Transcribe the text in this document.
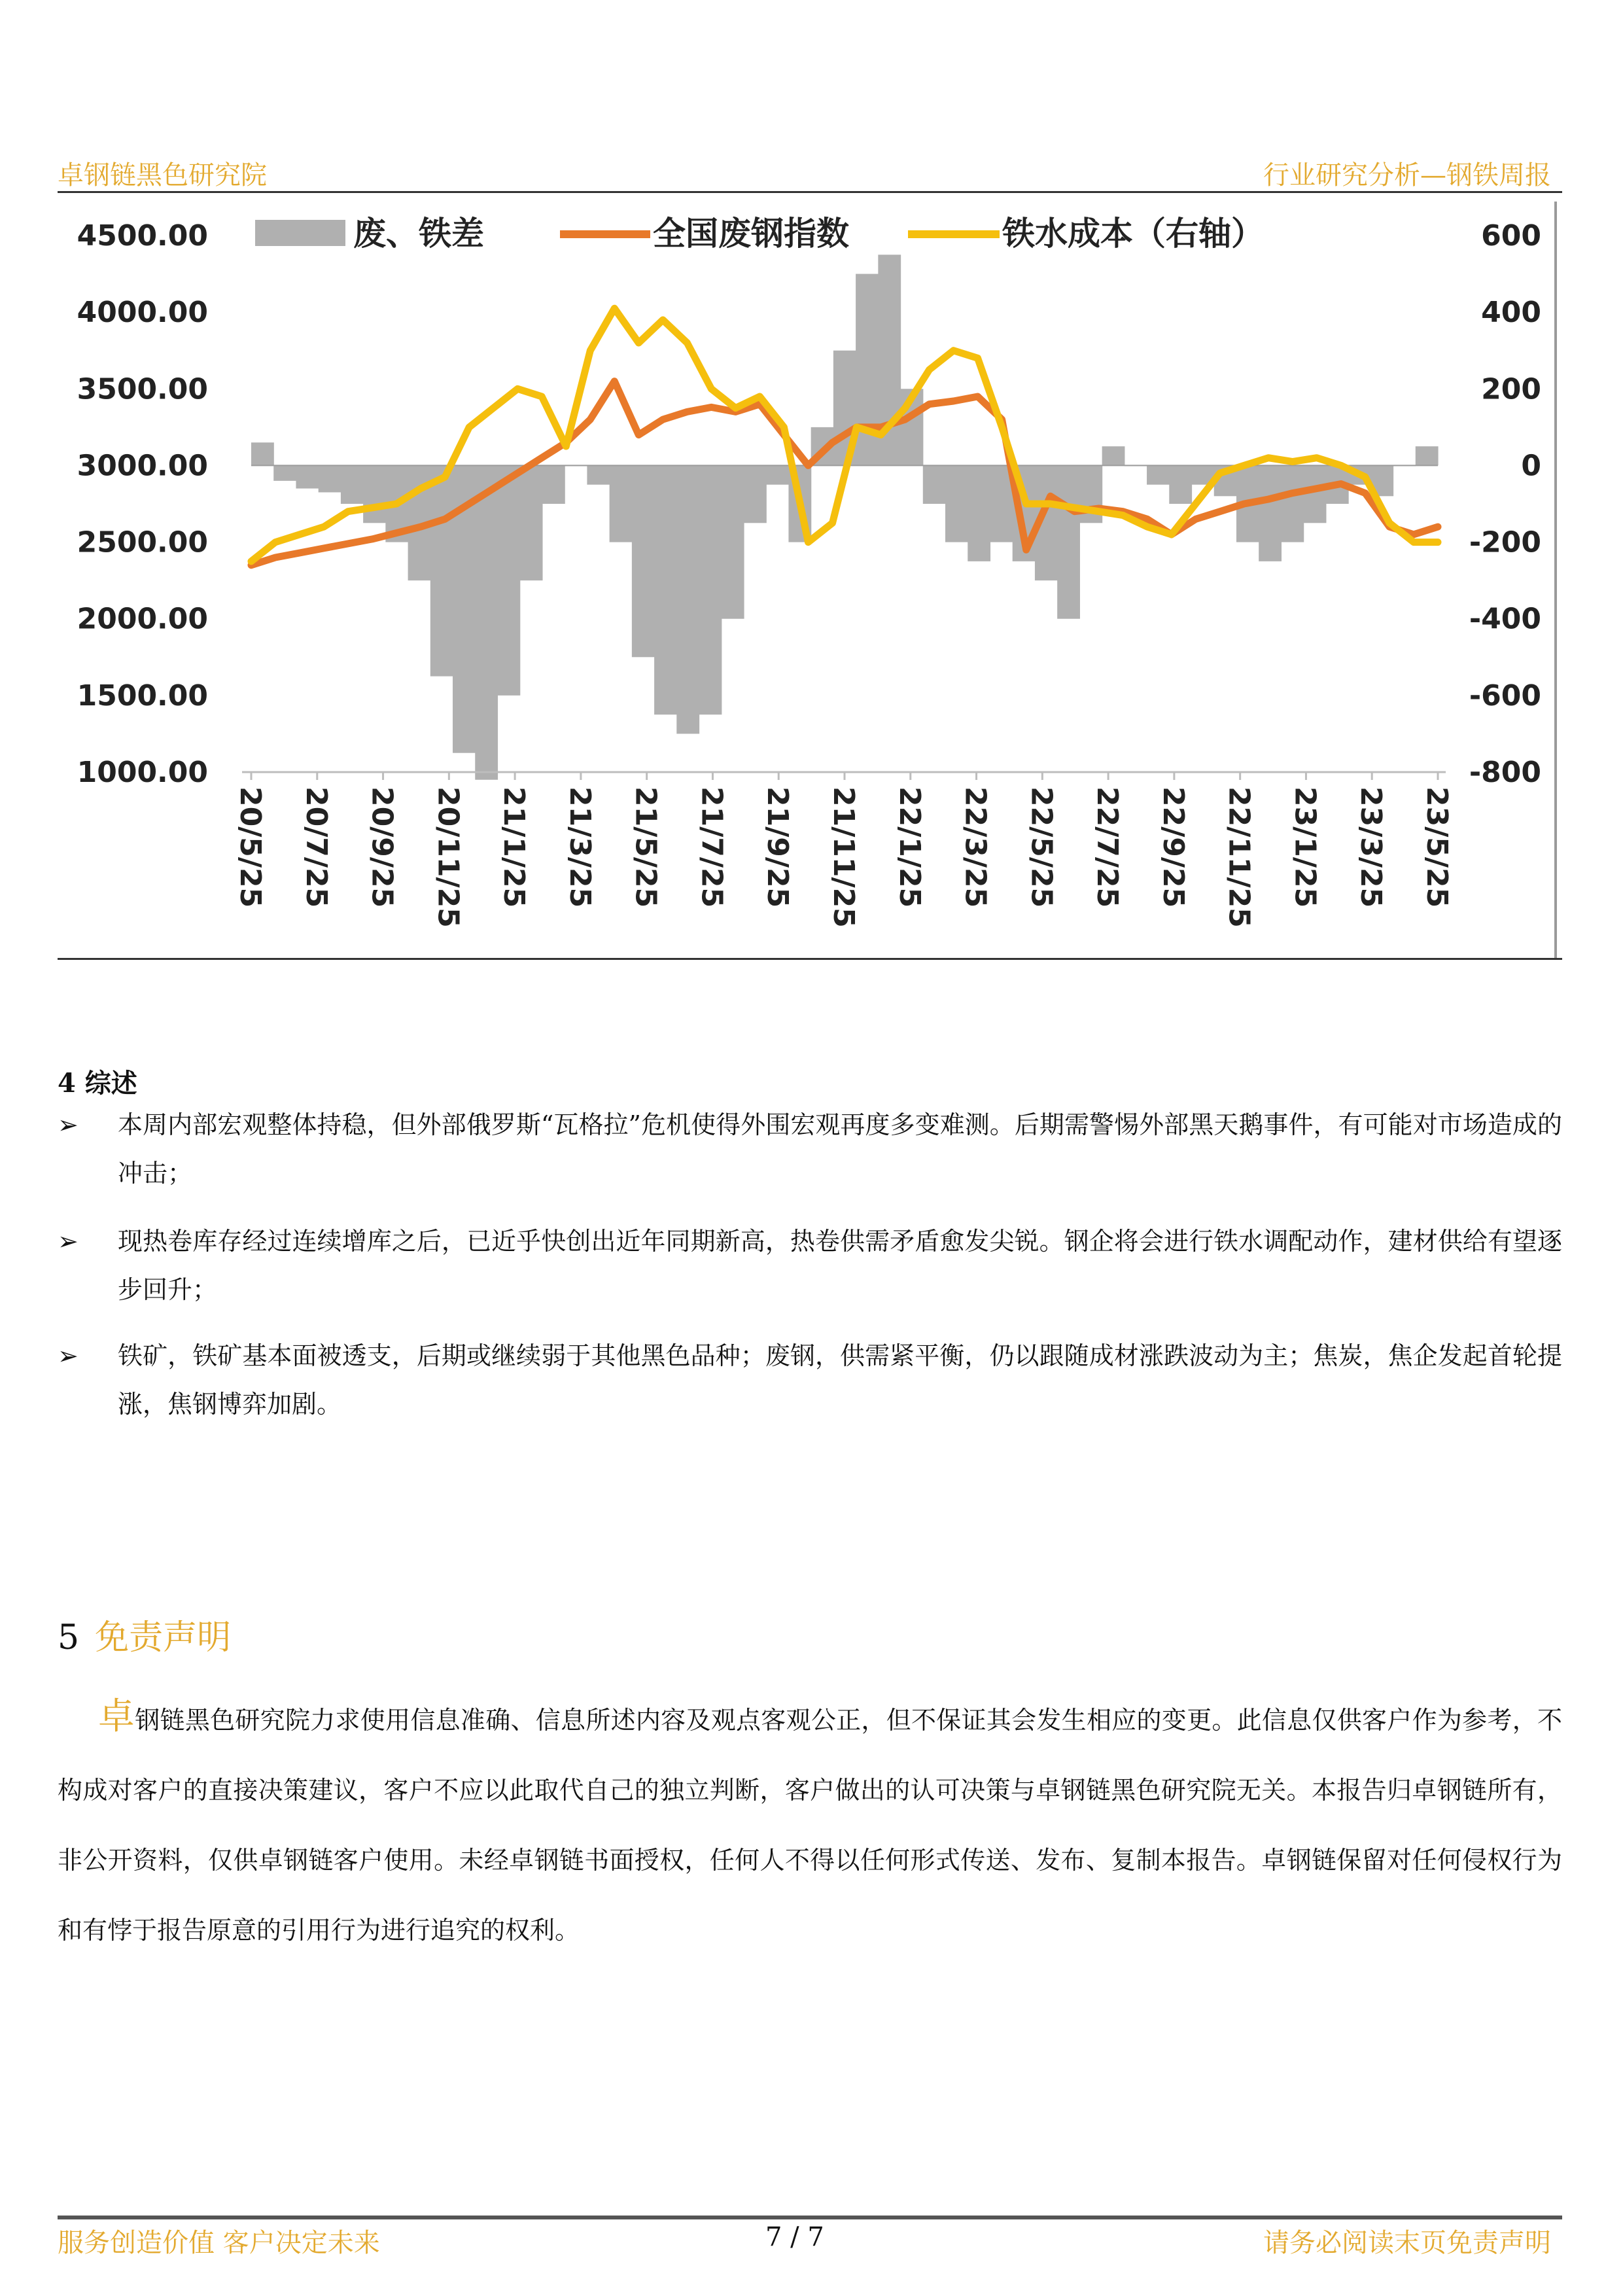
卓钢链黑色研究院	行业研究分析—钢铁周报
废、铁差	全国废钢指数	铁水成本（右轴）
4500.00
4000.00
3500.00
3000.00
2500.00
2000.00
1500.00
1000.00
600
400
200
0
-200
-400
-600
-800
20/5/25 20/7/25 20/9/25 20/11/25 21/1/25 21/3/25 21/5/25 21/7/25 21/9/25 21/11/25 22/1/25 22/3/25 22/5/25 22/7/25 22/9/25 22/11/25 23/1/25 23/3/25 23/5/25
4 综述
➢ 本周内部宏观整体持稳，但外部俄罗斯“瓦格拉”危机使得外围宏观再度多变难测。后期需警惕外部黑天鹅事件，有可能对市场造成的冲击；
➢ 现热卷库存经过连续增库之后，已近乎快创出近年同期新高，热卷供需矛盾愈发尖锐。钢企将会进行铁水调配动作，建材供给有望逐步回升；
➢ 铁矿，铁矿基本面被透支，后期或继续弱于其他黑色品种；废钢，供需紧平衡，仍以跟随成材涨跌波动为主；焦炭，焦企发起首轮提涨，焦钢博弈加剧。
5 免责声明
卓钢链黑色研究院力求使用信息准确、信息所述内容及观点客观公正，但不保证其会发生相应的变更。此信息仅供客户作为参考，不构成对客户的直接决策建议，客户不应以此取代自己的独立判断，客户做出的认可决策与卓钢链黑色研究院无关。本报告归卓钢链所有，非公开资料，仅供卓钢链客户使用。未经卓钢链书面授权，任何人不得以任何形式传送、发布、复制本报告。卓钢链保留对任何侵权行为和有悖于报告原意的引用行为进行追究的权利。
服务创造价值 客户决定未来	7 / 7	请务必阅读末页免责声明
